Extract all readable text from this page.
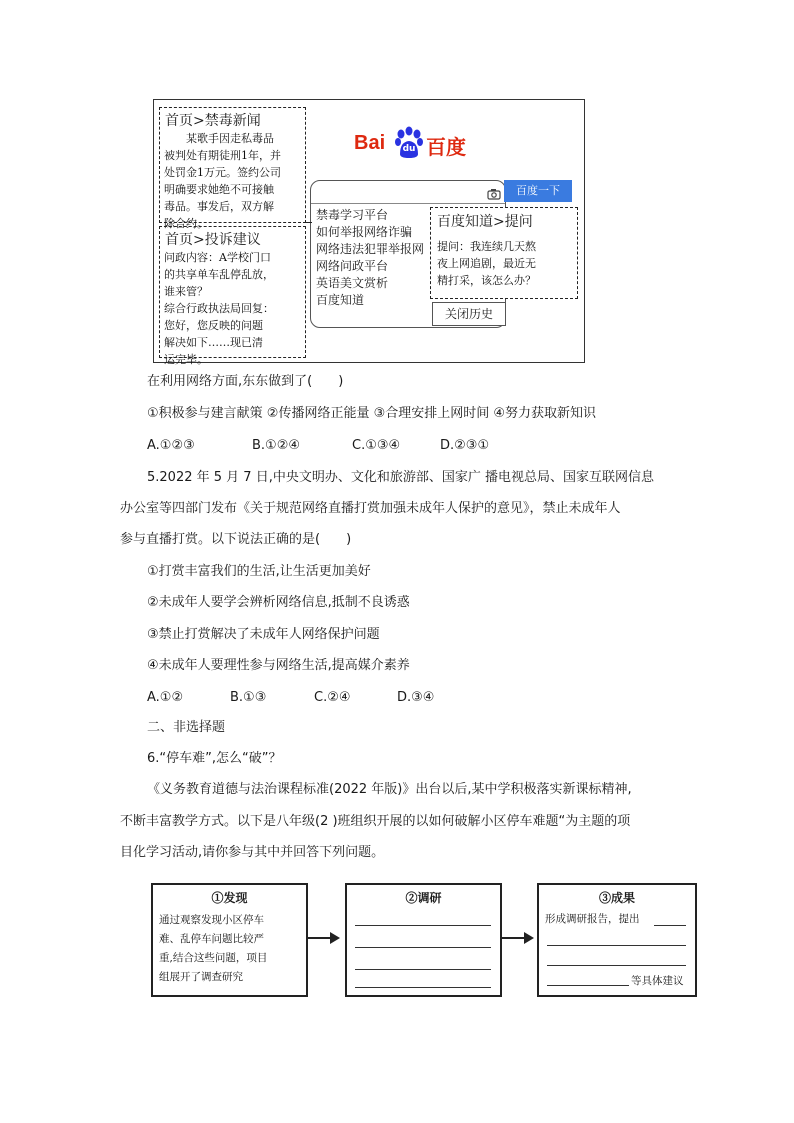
首页>禁毒新闻
某歌手因走私毒品
被判处有期徒刑1年，并
处罚金1万元。签约公司
明确要求她绝不可接触
毒品。事发后，双方解
除合约。
首页>投诉建议
问政内容：A学校门口
的共享单车乱停乱放，
谁来管？
综合行政执法局回复：
您好，您反映的问题
解决如下……现已清
运完毕。
Bai du 百度
禁毒学习平台
如何举报网络诈骗
网络违法犯罪举报网
网络问政平台
英语美文赏析
百度知道
百度一下
关闭历史
百度知道>提问
提问：我连续几天熬
夜上网追剧，最近无
精打采，该怎么办？
在利用网络方面,东东做到了(　　)
①积极参与建言献策 ②传播网络正能量 ③合理安排上网时间 ④努力获取新知识
A.①②③	B.①②④	C.①③④	D.②③①
5.2022 年 5 月 7 日,中央文明办、文化和旅游部、国家广 播电视总局、国家互联网信息
办公室等四部门发布《关于规范网络直播打赏加强未成年人保护的意见》，禁止未成年人
参与直播打赏。以下说法正确的是(　　)
①打赏丰富我们的生活,让生活更加美好
②未成年人要学会辨析网络信息,抵制不良诱惑
③禁止打赏解决了未成年人网络保护问题
④未成年人要理性参与网络生活,提高媒介素养
A.①②	B.①③	C.②④	D.③④
二、非选择题
6.“停车难”,怎么“破”？
《义务教育道德与法治课程标准(2022 年版)》出台以后,某中学积极落实新课标精神,
不断丰富教学方式。以下是八年级(2 )班组织开展的以如何破解小区停车难题“为主题的项
目化学习活动,请你参与其中并回答下列问题。
①发现
通过观察发现小区停车
难、乱停车问题比较严
重,结合这些问题，项目
组展开了调查研究
②调研	③成果
形成调研报告，提出
等具体建议
